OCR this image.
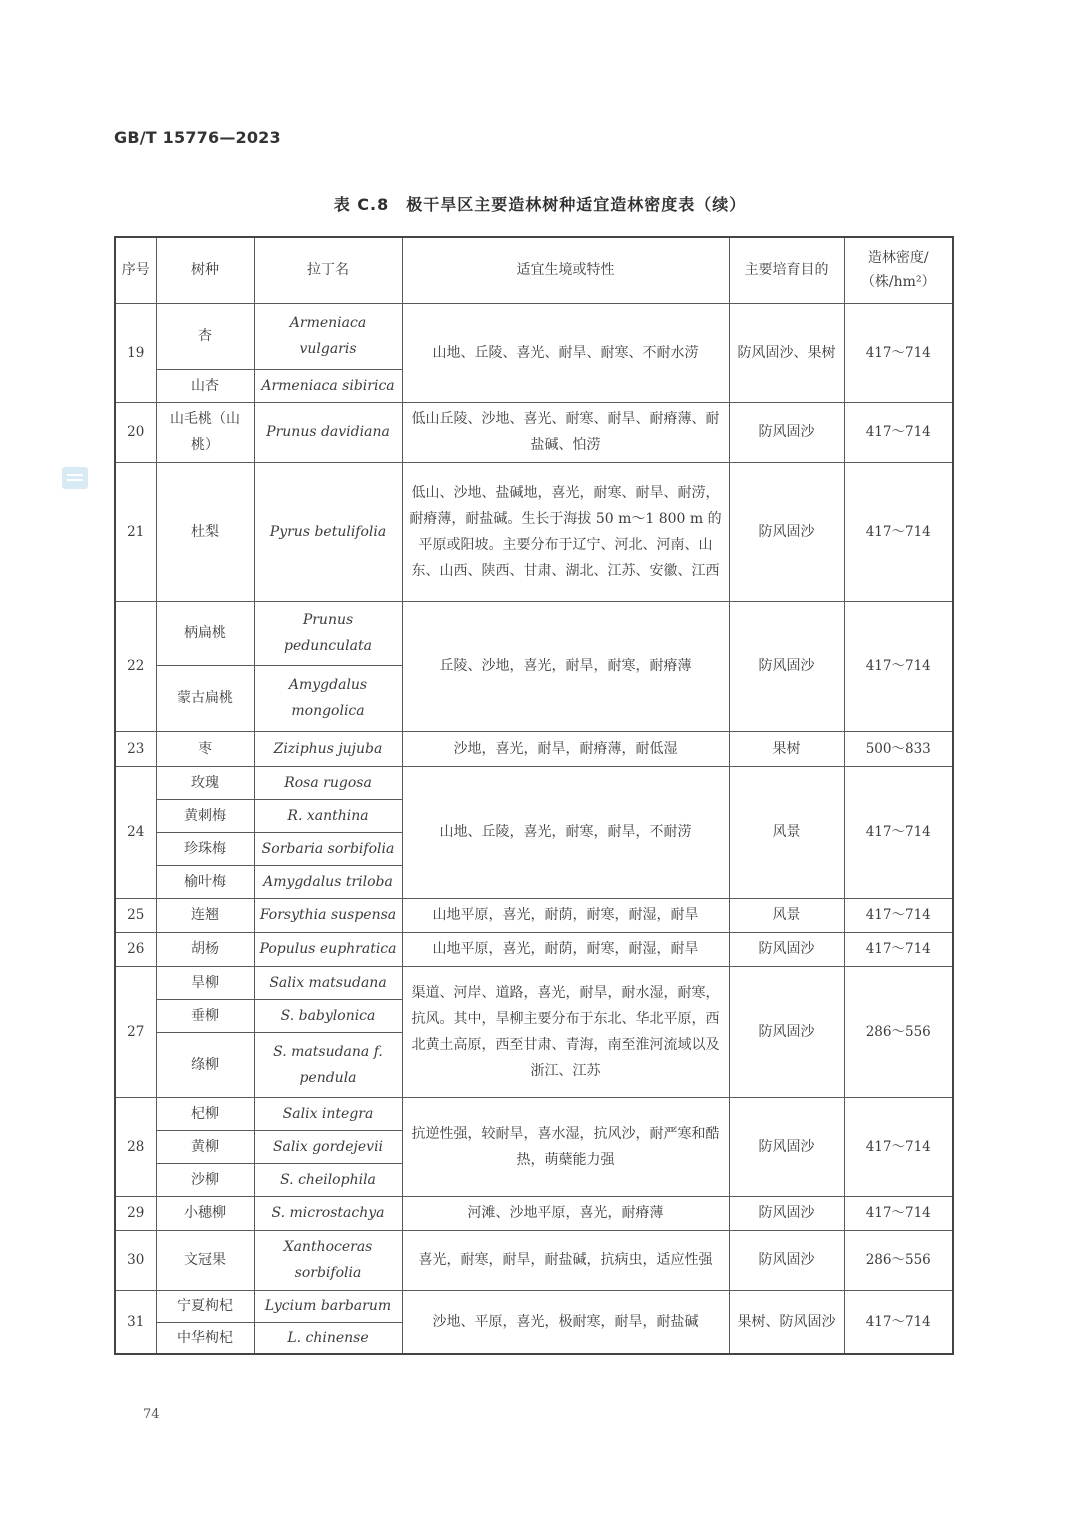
GB/T 15776—2023
表 C.8　极干旱区主要造林树种适宜造林密度表（续）
序号	树种	拉丁名	适宜生境或特性	主要培育目的	造林密度/
（株/hm²）

19	杏	Armeniaca vulgaris	山地、丘陵、喜光、耐旱、耐寒、不耐水涝	防风固沙、果树	417～714
	山杏	Armeniaca sibirica			
20	山毛桃（山桃）	Prunus davidiana	低山丘陵、沙地、喜光、耐寒、耐旱、耐瘠薄、耐盐碱、怕涝	防风固沙	417～714
21	杜梨	Pyrus betulifolia	低山、沙地、盐碱地，喜光，耐寒、耐旱、耐涝，耐瘠薄，耐盐碱。生长于海拔 50 m～1 800 m 的平原或阳坡。主要分布于辽宁、河北、河南、山东、山西、陕西、甘肃、湖北、江苏、安徽、江西	防风固沙	417～714
22	柄扁桃	Prunus pedunculata	丘陵、沙地，喜光，耐旱，耐寒，耐瘠薄	防风固沙	417～714
	蒙古扁桃	Amygdalus mongolica			
23	枣	Ziziphus jujuba	沙地，喜光，耐旱，耐瘠薄，耐低湿	果树	500～833
24	玫瑰	Rosa rugosa	山地、丘陵，喜光，耐寒，耐旱，不耐涝	风景	417～714
	黄刺梅	R. xanthina			
	珍珠梅	Sorbaria sorbifolia			
	榆叶梅	Amygdalus triloba			
25	连翘	Forsythia suspensa	山地平原，喜光，耐荫，耐寒，耐湿，耐旱	风景	417～714
26	胡杨	Populus euphratica	山地平原，喜光，耐荫，耐寒，耐湿，耐旱	防风固沙	417～714
27	旱柳	Salix matsudana	渠道、河岸、道路，喜光，耐旱，耐水湿，耐寒，抗风。其中，旱柳主要分布于东北、华北平原，西北黄土高原，西至甘肃、青海，南至淮河流域以及浙江、江苏	防风固沙	286～556
	垂柳	S. babylonica			
	绦柳	S. matsudana f. pendula			
28	杞柳	Salix integra	抗逆性强，较耐旱，喜水湿，抗风沙，耐严寒和酷热，萌蘖能力强	防风固沙	417～714
	黄柳	Salix gordejevii			
	沙柳	S. cheilophila			
29	小穗柳	S. microstachya	河滩、沙地平原，喜光，耐瘠薄	防风固沙	417～714
30	文冠果	Xanthoceras sorbifolia	喜光，耐寒，耐旱，耐盐碱，抗病虫，适应性强	防风固沙	286～556
31	宁夏枸杞	Lycium barbarum	沙地、平原，喜光，极耐寒，耐旱，耐盐碱	果树、防风固沙	417～714
	中华枸杞	L. chinense			
74
